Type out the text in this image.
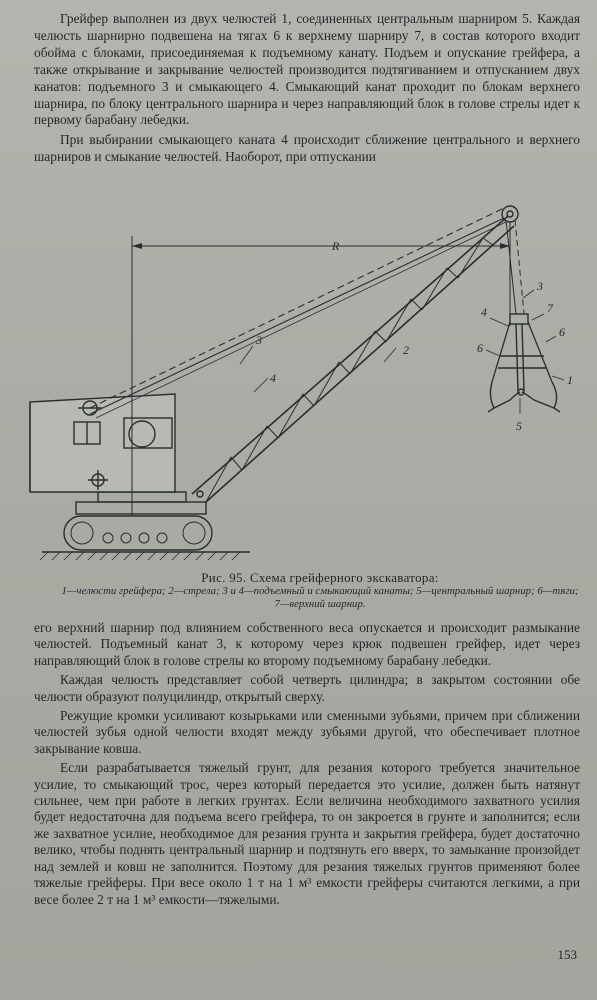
Грейфер выполнен из двух челюстей 1, соединенных центральным шарниром 5. Каждая челюсть шарнирно подвешена на тягах 6 к верхнему шарниру 7, в состав которого входит обойма с блоками, присоединяемая к подъемному канату. Подъем и опускание грейфера, а также открывание и закрывание челюстей производится подтягиванием и отпусканием двух канатов: подъемного 3 и смыкающего 4. Смыкающий канат проходит по блокам верхнего шарнира, по блоку центрального шарнира и через направляющий блок в голове стрелы идет к первому барабану лебедки.

При выбирании смыкающего каната 4 происходит сближение центрального и верхнего шарниров и смыкание челюстей. Наоборот, при отпускании

R
2
3
4
3
4
1
5
6
6
7
Рис. 95. Схема грейферного экскаватора:
1—челюсти грейфера; 2—стрела; 3 и 4—подъемный и смыкающий канаты; 5—центральный шарнир; 6—тяги; 7—верхний шарнир.

его верхний шарнир под влиянием собственного веса опускается и происходит размыкание челюстей. Подъемный канат 3, к которому через крюк подвешен грейфер, идет через направляющий блок в голове стрелы ко второму подъемному барабану лебедки.

Каждая челюсть представляет собой четверть цилиндра; в закрытом состоянии обе челюсти образуют полуцилиндр, открытый сверху.

Режущие кромки усиливают козырьками или сменными зубьями, причем при сближении челюстей зубья одной челюсти входят между зубьями другой, что обеспечивает плотное закрывание ковша.

Если разрабатывается тяжелый грунт, для резания которого требуется значительное усилие, то смыкающий трос, через который передается это усилие, должен быть натянут сильнее, чем при работе в легких грунтах. Если величина необходимого захватного усилия будет недостаточна для подъема всего грейфера, то он закроется в грунте и заполнится; если же захватное усилие, необходимое для резания грунта и закрытия грейфера, будет достаточно велико, чтобы поднять центральный шарнир и подтянуть его вверх, то замыкание произойдет над землей и ковш не заполнится. Поэтому для резания тяжелых грунтов применяют более тяжелые грейферы. При весе около 1 т на 1 м³ емкости грейферы считаются легкими, а при весе более 2 т на 1 м³ емкости—тяжелыми.

153
